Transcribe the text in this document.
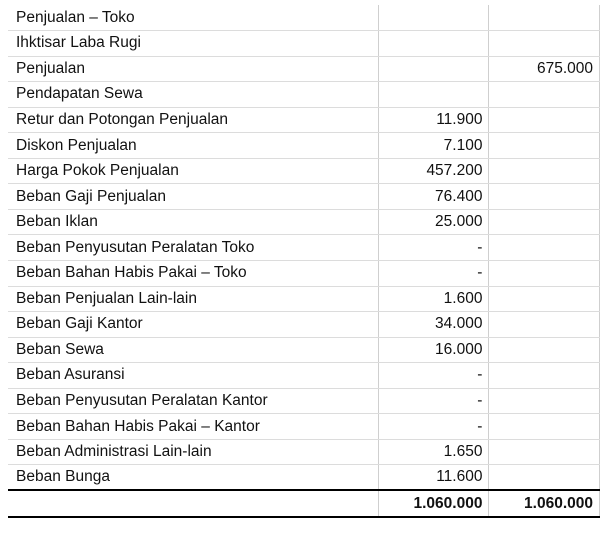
Penjualan – Toko		
Ihktisar Laba Rugi		
Penjualan		675.000
Pendapatan Sewa		
Retur dan Potongan Penjualan	11.900	
Diskon Penjualan	7.100	
Harga Pokok Penjualan	457.200	
Beban Gaji Penjualan	76.400	
Beban Iklan	25.000	
Beban Penyusutan Peralatan Toko	-	
Beban Bahan Habis Pakai – Toko	-	
Beban Penjualan Lain-lain	1.600	
Beban Gaji Kantor	34.000	
Beban Sewa	16.000	
Beban Asuransi	-	
Beban Penyusutan Peralatan Kantor	-	
Beban Bahan Habis Pakai – Kantor	-	
Beban Administrasi Lain-lain	1.650	
Beban Bunga	11.600	
	1.060.000	1.060.000
